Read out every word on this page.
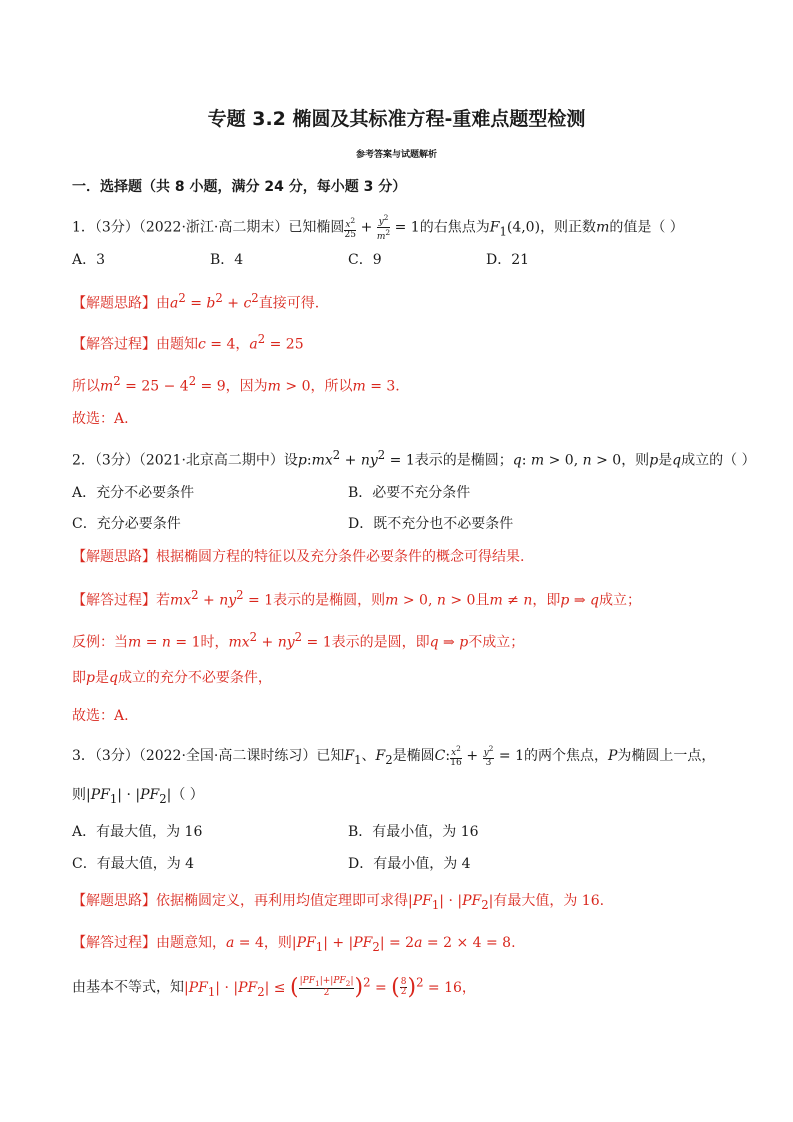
专题 3.2 椭圆及其标准方程-重难点题型检测
参考答案与试题解析
一．选择题（共 8 小题，满分 24 分，每小题 3 分）
1．（3分）（2022·浙江·高二期末）已知椭圆 $\frac{x^2}{25} + \frac{y^2}{m^2} = 1$的右焦点为$F_1(4,0)$，则正数m的值是（ ）
A．3	B．4	C．9	D．21
【解题思路】由$a^2 = b^2 + c^2$直接可得.
【解答过程】由题知c = 4，$a^2 = 25$
所以$m^2 = 25 - 4^2 = 9$，因为m > 0，所以m = 3.
故选：A.
2．（3分）（2021·北京高二期中）设$p:mx^2 + ny^2 = 1$表示的是椭圆；q: m > 0, n > 0，则p是q成立的（ ）
A．充分不必要条件	B．必要不充分条件
C．充分必要条件	D．既不充分也不必要条件
【解题思路】根据椭圆方程的特征以及充分条件必要条件的概念可得结果.
【解答过程】若$mx^2 + ny^2 = 1$表示的是椭圆，则m > 0, n > 0且m ≠ n，即p ⇒ q成立；
反例：当m = n = 1时，$mx^2 + ny^2 = 1$表示的是圆，即q ⇒ p不成立；
即p是q成立的充分不必要条件，
故选：A.
3．（3分）（2022·全国·高二课时练习）已知$F_1$、$F_2$是椭圆C: $\frac{x^2}{16} + \frac{y^2}{3} = 1$的两个焦点，P为椭圆上一点，
则$|PF_1| \cdot |PF_2|$（ ）
A．有最大值，为 16	B．有最小值，为 16
C．有最大值，为 4	D．有最小值，为 4
【解题思路】依据椭圆定义，再利用均值定理即可求得$|PF_1| \cdot |PF_2|$有最大值，为 16.
【解答过程】由题意知，a = 4，则$|PF_1| + |PF_2| = 2a = 2 \times 4 = 8$.
由基本不等式，知$|PF_1| \cdot |PF_2|$ ≤ ( $\frac{|PF_1|+|PF_2|}{2} )^2$ = ( $\frac{8}{2} )^2 = 16$，
